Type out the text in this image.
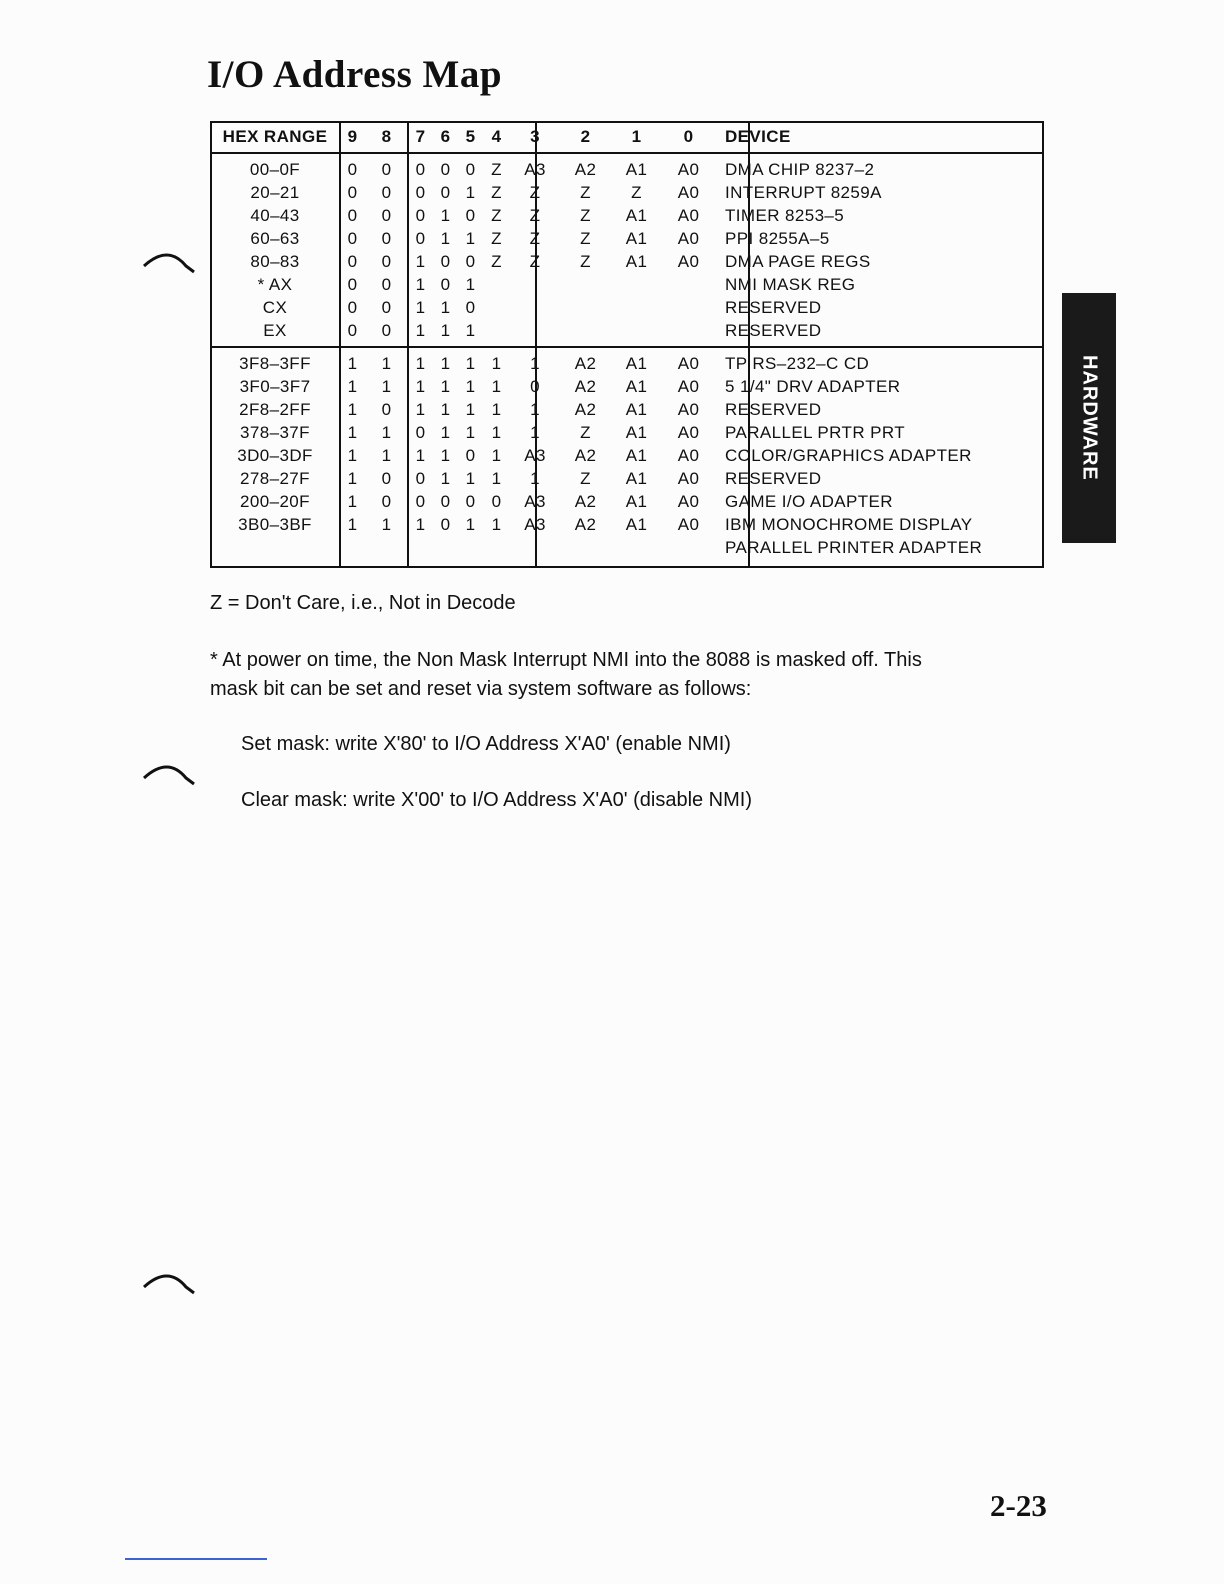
I/O Address Map
HEX RANGE	9	8	7	6	5	4	3	2	1	0	DEVICE
00–0F	0	0	0	0	0	Z	A3	A2	A1	A0	DMA CHIP 8237–2
20–21	0	0	0	0	1	Z	Z	Z	Z	A0	INTERRUPT 8259A
40–43	0	0	0	1	0	Z	Z	Z	A1	A0	TIMER 8253–5
60–63	0	0	0	1	1	Z	Z	Z	A1	A0	PPI 8255A–5
80–83	0	0	1	0	0	Z	Z	Z	A1	A0	DMA PAGE REGS
* AX	0	0	1	0	1						NMI MASK REG
CX	0	0	1	1	0						RESERVED
EX	0	0	1	1	1						RESERVED
3F8–3FF	1	1	1	1	1	1	1	A2	A1	A0	TP RS–232–C CD
3F0–3F7	1	1	1	1	1	1	0	A2	A1	A0	5 1/4" DRV ADAPTER
2F8–2FF	1	0	1	1	1	1	1	A2	A1	A0	RESERVED
378–37F	1	1	0	1	1	1	1	Z	A1	A0	PARALLEL PRTR PRT
3D0–3DF	1	1	1	1	0	1	A3	A2	A1	A0	COLOR/GRAPHICS ADAPTER
278–27F	1	0	0	1	1	1	1	Z	A1	A0	RESERVED
200–20F	1	0	0	0	0	0	A3	A2	A1	A0	GAME I/O ADAPTER
3B0–3BF	1	1	1	0	1	1	A3	A2	A1	A0	IBM MONOCHROME DISPLAY
											PARALLEL PRINTER ADAPTER

Z = Don't Care, i.e., Not in Decode

* At power on time, the Non Mask Interrupt NMI into the 8088 is masked off. This

mask bit can be set and reset via system software as follows:

Set mask: write X'80' to I/O Address X'A0' (enable NMI)

Clear mask: write X'00' to I/O Address X'A0' (disable NMI)

HARDWARE
2-23
